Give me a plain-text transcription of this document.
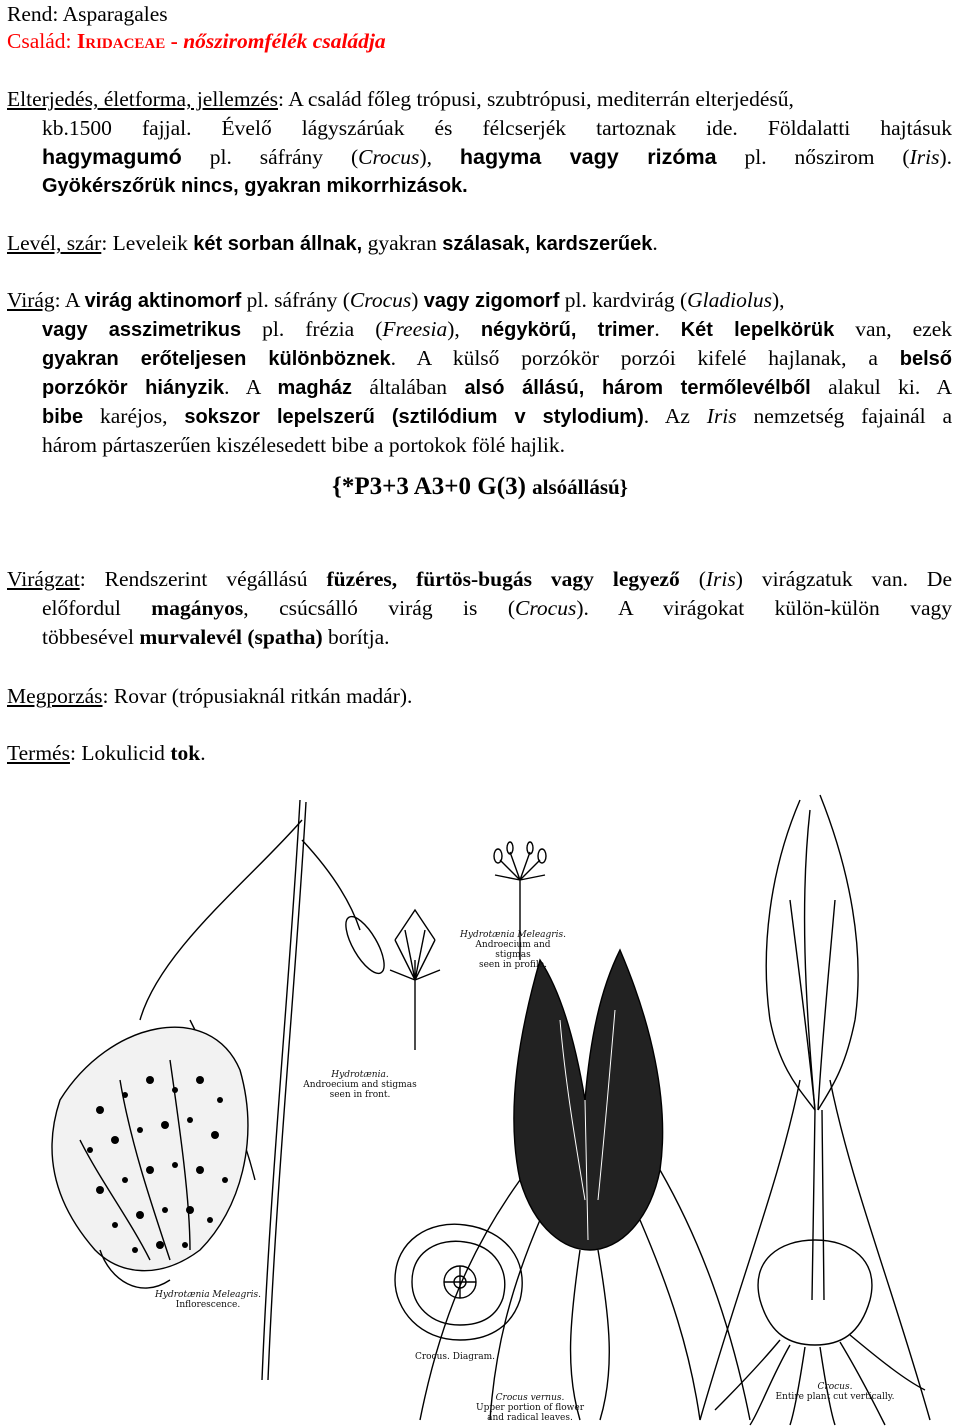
Rend: Asparagales
Család: Iridaceae - nősziromfélék családja
Elterjedés, életforma, jellemzés: A család főleg trópusi, szubtrópusi, mediterrán elterjedésű,
kb.1500 fajjal. Évelő lágyszárúak és félcserjék tartoznak ide. Földalatti hajtásuk
hagymagumó pl. sáfrány (Crocus), hagyma vagy rizóma pl. nőszirom (Iris).
Gyökérszőrük nincs, gyakran mikorrhizások.
Levél, szár: Leveleik két sorban állnak, gyakran szálasak, kardszerűek.
Virág: A virág aktinomorf pl. sáfrány (Crocus) vagy zigomorf pl. kardvirág (Gladiolus),
vagy asszimetrikus pl. frézia (Freesia), négykörű, trimer. Két lepelkörük van, ezek
gyakran erőteljesen különböznek. A külső porzókör porzói kifelé hajlanak, a belső
porzókör hiányzik. A magház általában alsó állású, három termőlevélből alakul ki. A
bibe karéjos, sokszor lepelszerű (sztilódium v stylodium). Az Iris nemzetség fajainál a
három pártaszerűen kiszélesedett bibe a portokok fölé hajlik.
{*P3+3 A3+0 G(3) alsóállású}
Virágzat: Rendszerint végállású füzéres, fürtös-bugás vagy legyező (Iris) virágzatuk van. De
előfordul magányos, csúcsálló virág is (Crocus). A virágokat külön-külön vagy
többesével murvalevél (spatha) borítja.
Megporzás: Rovar (trópusiaknál ritkán madár).
Termés: Lokulicid tok.
Hydrotænia Meleagris.
Androecium and stigmas
seen in profile.
Hydrotænia.
Androecium and stigmas
seen in front.
Hydrotænia Meleagris.
Inflorescence.
Crocus. Diagram.
Crocus vernus.
Upper portion of flower
and radical leaves.
Crocus.
Entire plant cut vertically.
